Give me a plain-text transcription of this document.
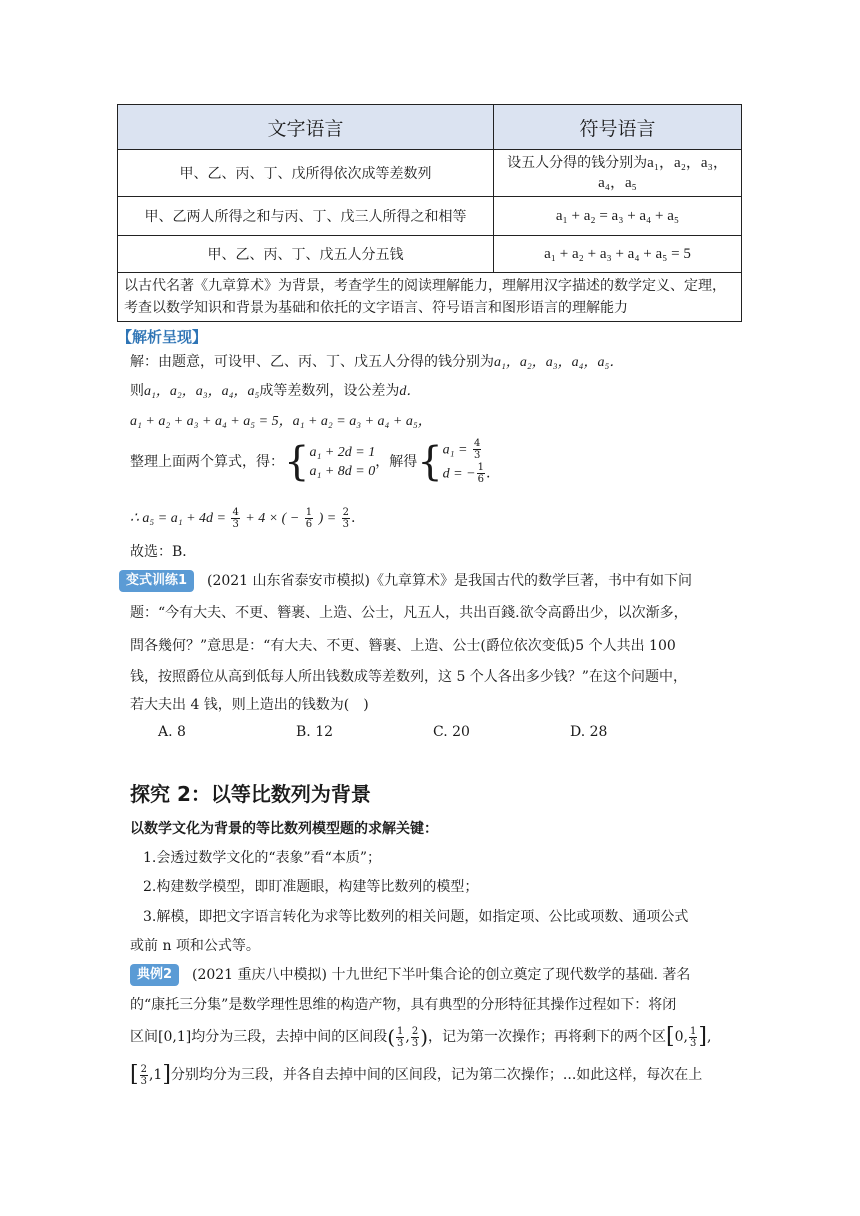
文字语言	符号语言
甲、乙、丙、丁、戊所得依次成等差数列	设五人分得的钱分别为a₁，a₂，a₃，a₄，a₅
甲、乙两人所得之和与丙、丁、戊三人所得之和相等	a₁ + a₂ = a₃ + a₄ + a₅
甲、乙、丙、丁、戊五人分五钱	a₁ + a₂ + a₃ + a₄ + a₅ = 5
以古代名著《九章算术》为背景，考查学生的阅读理解能力，理解用汉字描述的数学定义、定理，考查以数学知识和背景为基础和依托的文字语言、符号语言和图形语言的理解能力	
【解析呈现】
解：由题意，可设甲、乙、丙、丁、戊五人分得的钱分别为a₁，a₂，a₃，a₄，a₅．
则a₁，a₂，a₃，a₄，a₅成等差数列，设公差为d．
a₁ + a₂ + a₃ + a₄ + a₅ = 5，a₁ + a₂ = a₃ + a₄ + a₅，
整理上面两个算式，得：{ a₁ + 2d = 1
a₁ + 8d = 0
，解得{ $a_1 = \frac{4}{3}$
d = − $\frac{1}{6}$ .
∴ $a_5 = a_1 + 4d = \frac{4}{3} + 4$ × ( − $\frac{1}{6}$ ) = $\frac{2}{3}$ .
故选：B．
变式训练1	(2021 山东省泰安市模拟)《九章算术》是我国古代的数学巨著，书中有如下问
题：“今有大夫、不更、簪裹、上造、公士，凡五人，共出百錢.欲令高爵出少，以次渐多，
問各幾何？”意思是：“有大夫、不更、簪裹、上造、公士(爵位依次变低)5 个人共出 100
钱，按照爵位从高到低每人所出钱数成等差数列，这 5 个人各出多少钱？”在这个问题中，
若大夫出 4 钱，则上造出的钱数为(　)
A. 8	B. 12	C. 20	D. 28
探究 2：以等比数列为背景
以数学文化为背景的等比数列模型题的求解关键：
1.会透过数学文化的“表象”看“本质”；
2.构建数学模型，即盯准题眼，构建等比数列的模型；
3.解模，即把文字语言转化为求等比数列的相关问题，如指定项、公比或项数、通项公式
或前 n 项和公式等。
典例2	(2021 重庆八中模拟) 十九世纪下半叶集合论的创立奠定了现代数学的基础. 著名
的“康托三分集”是数学理性思维的构造产物，具有典型的分形特征其操作过程如下：将闭
区间[0,1]均分为三段，去掉中间的区间段( $\frac{1}{3}$ , $\frac{2}{3}$ )，记为第一次操作；再将剩下的两个区[0, $\frac{1}{3}$ ],
[ $\frac{2}{3} ,1$]分别均分为三段，并各自去掉中间的区间段，记为第二次操作；...如此这样，每次在上
